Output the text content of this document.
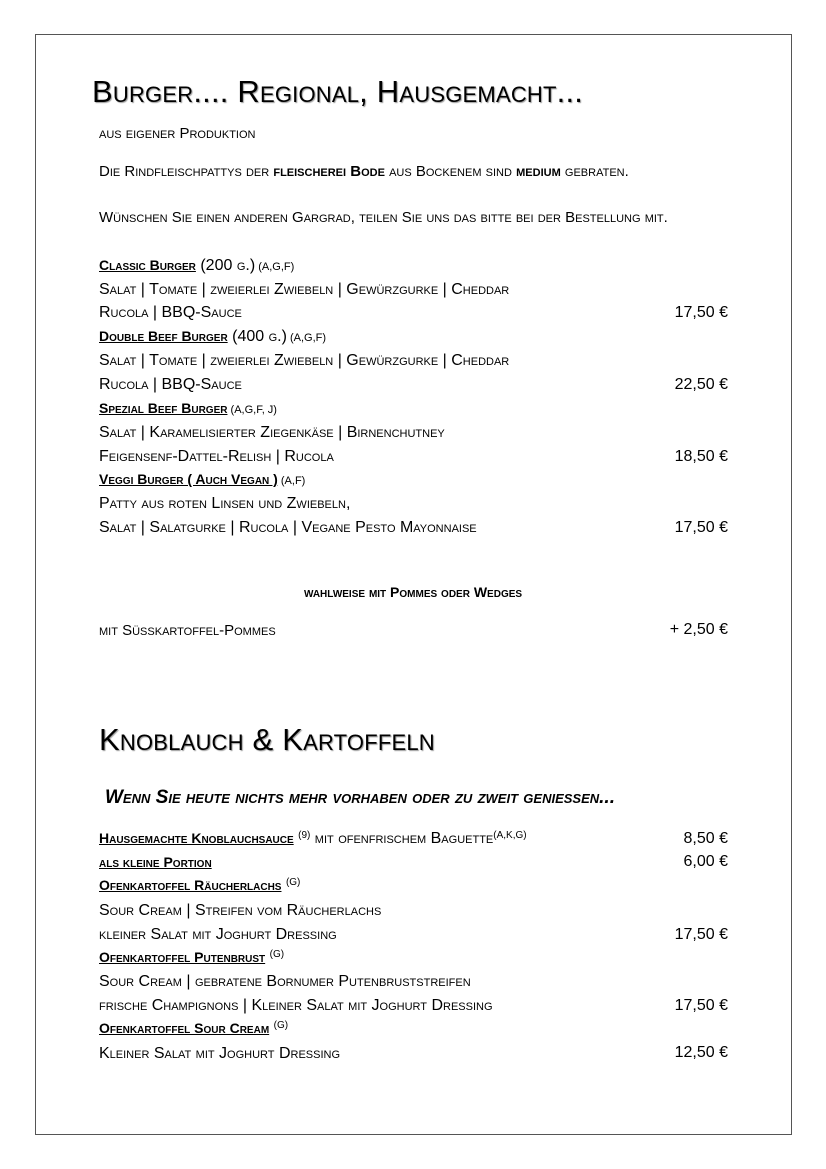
Burger.... Regional, Hausgemacht...
aus eigener Produktion
Die Rindfleischpattys der fleischerei Bode aus Bockenem sind medium gebraten.
Wünschen Sie einen anderen Gargrad, teilen Sie uns das bitte bei der Bestellung mit.
Classic Burger (200 g.) (A,G,F)
Salat | Tomate | zweierlei Zwiebeln | Gewürzgurke | Cheddar
Rucola | BBQ-Sauce	17,50 €
Double Beef Burger (400 g.) (A,G,F)
Salat | Tomate | zweierlei Zwiebeln | Gewürzgurke | Cheddar
Rucola | BBQ-Sauce	22,50 €
Spezial Beef Burger (A,G,F, J)
Salat | Karamelisierter Ziegenkäse | Birnenchutney
Feigensenf-Dattel-Relish | Rucola	18,50 €
Veggi Burger ( Auch Vegan ) (A,F)
Patty aus roten Linsen und Zwiebeln,
Salat | Salatgurke | Rucola | Vegane Pesto Mayonnaise	17,50 €
wahlweise mit Pommes oder Wedges
mit Süßkartoffel-Pommes	+ 2,50 €
Knoblauch & Kartoffeln
Wenn Sie heute nichts mehr vorhaben oder zu zweit genießen...
Hausgemachte Knoblauchsauce $^{(9)}$ mit ofenfrischem Baguette$^{(A,K,G)}$	8,50 €
als kleine Portion	6,00 €
Ofenkartoffel Räucherlachs $^{(G)}$
Sour Cream | Streifen vom Räucherlachs
kleiner Salat mit Joghurt Dressing	17,50 €
Ofenkartoffel Putenbrust $^{(G)}$
Sour Cream | gebratene Bornumer Putenbruststreifen
frische Champignons | Kleiner Salat mit Joghurt Dressing	17,50 €
Ofenkartoffel Sour Cream $^{(G)}$
Kleiner Salat mit Joghurt Dressing	12,50 €
